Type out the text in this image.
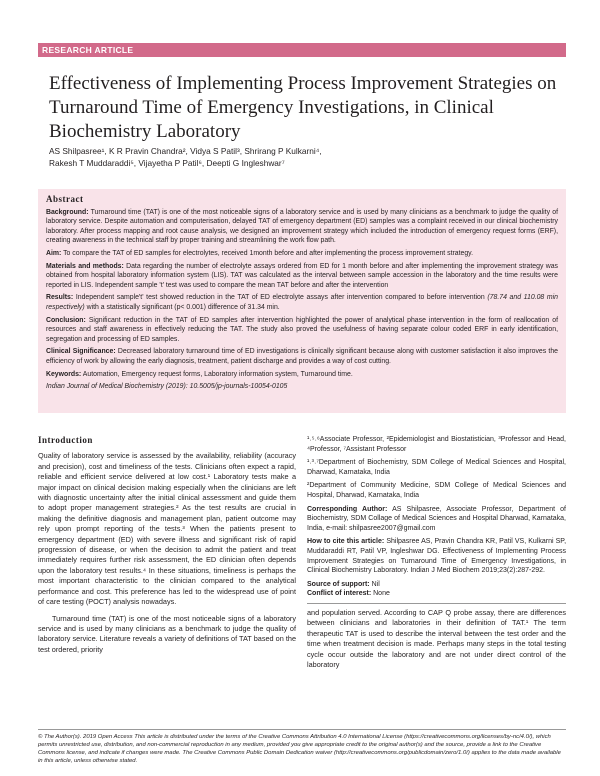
RESEARCH ARTICLE
Effectiveness of Implementing Process Improvement Strategies on Turnaround Time of Emergency Investigations, in Clinical Biochemistry Laboratory
AS Shilpasree¹, K R Pravin Chandra², Vidya S Patil³, Shrirang P Kulkarni⁴,
Rakesh T Muddaraddi⁵, Vijayetha P Patil⁶, Deepti G Ingleshwar⁷
Abstract

Background: Turnaround time (TAT) is one of the most noticeable signs of a laboratory service and is used by many clinicians as a benchmark to judge the quality of laboratory service. Despite automation and computerisation, delayed TAT of emergency department (ED) samples was a complaint received in our clinical biochemistry laboratory. After process mapping and root cause analysis, we designed an improvement strategy which included the introduction of emergency request forms (ERF), creating awareness in the technical staff by proper training and streamlining the work flow path.

Aim: To compare the TAT of ED samples for electrolytes, received 1month before and after implementing the process improvement strategy.

Materials and methods: Data regarding the number of electrolyte assays ordered from ED for 1 month before and after implementing the improvement strategy was obtained from hospital laboratory information system (LIS). TAT was calculated as the interval between sample accession in the laboratory and the time results were reported in LIS. Independent sample 't' test was used to compare the mean TAT before and after the intervention

Results: Independent sample't' test showed reduction in the TAT of ED electrolyte assays after intervention compared to before intervention (78.74 and 110.08 min respectively) with a statistically significant (p< 0.001) difference of 31.34 min.

Conclusion: Significant reduction in the TAT of ED samples after intervention highlighted the power of analytical phase intervention in the form of reallocation of resources and staff awareness in effectively reducing the TAT. The study also proved the usefulness of having separate colour coded ERF in early identification, segregation and processing of ED samples.

Clinical Significance: Decreased laboratory turnaround time of ED investigations is clinically significant because along with customer satisfaction it also improves the efficiency of work by allowing the early diagnosis, treatment, patient discharge and provides a way of cost cutting.

Keywords: Automation, Emergency request forms, Laboratory information system, Turnaround time.

Indian Journal of Medical Biochemistry (2019): 10.5005/jp-journals-10054-0105

Introduction

Quality of laboratory service is assessed by the availability, reliability (accuracy and precision), cost and timeliness of the tests. Clinicians often expect a rapid, reliable and efficient service delivered at low cost.¹ Laboratory tests make a major impact on clinical decision making especially when the clinicians are left with diagnostic uncertainty after the initial clinical assessment and guide them to adopt proper management strategies.² As the test results are crucial in making the definitive diagnosis and management plan, patient outcome may rely upon prompt reporting of the tests.³ When the patients present to emergency department (ED) with severe illness and significant risk of rapid progression of disease, or when the decision to admit the patient and treat immediately requires further risk assessment, the ED clinician often depends upon the laboratory test results.⁴ In these situations, timeliness is perhaps the most important characteristic to the clinician compared to the analytical performance and cost. This preference has led to the widespread use of point of care testing (POCT) analysis nowadays.

Turnaround time (TAT) is one of the most noticeable signs of a laboratory service and is used by many clinicians as a benchmark to judge the quality of laboratory service. Literature reveals a variety of definitions of TAT based on the test ordered, priority

¹˒⁵˒⁶Associate Professor, ²Epidemiologist and Biostatistician, ³Professor and Head, ⁴Professor, ⁷Assistant Professor

¹˒³˒⁷Department of Biochemistry, SDM College of Medical Sciences and Hospital, Dharwad, Karnataka, India

²Department of Community Medicine, SDM College of Medical Sciences and Hospital, Dharwad, Karnataka, India

Corresponding Author: AS Shilpasree, Associate Professor, Department of Biochemistry, SDM Collage of Medical Sciences and Hospital Dharwad, Karnataka, India, e-mail: shilpasree2007@gmail.com

How to cite this article: Shilpasree AS, Pravin Chandra KR, Patil VS, Kulkarni SP, Muddaraddi RT, Patil VP, Ingleshwar DG. Effectiveness of Implementing Process Improvement Strategies on Turnaround Time of Emergency Investigations, in Clinical Biochemistry Laboratory. Indian J Med Biochem 2019;23(2):287-292.

Source of support: Nil

Conflict of interest: None

and population served. According to CAP Q probe assay, there are differences between clinicians and laboratories in their definition of TAT.¹ The term therapeutic TAT is used to describe the interval between the test order and the time when treatment decision is made. Perhaps many steps in the total testing cycle occur outside the laboratory and are not under direct control of the laboratory

© The Author(s). 2019 Open Access This article is distributed under the terms of the Creative Commons Attribution 4.0 International License (https://creativecommons.org/licenses/by-nc/4.0/), which permits unrestricted use, distribution, and non-commercial reproduction in any medium, provided you give appropriate credit to the original author(s) and the source, provide a link to the Creative Commons license, and indicate if changes were made. The Creative Commons Public Domain Dedication waiver (http://creativecommons.org/publicdomain/zero/1.0/) applies to the data made available in this article, unless otherwise stated.
